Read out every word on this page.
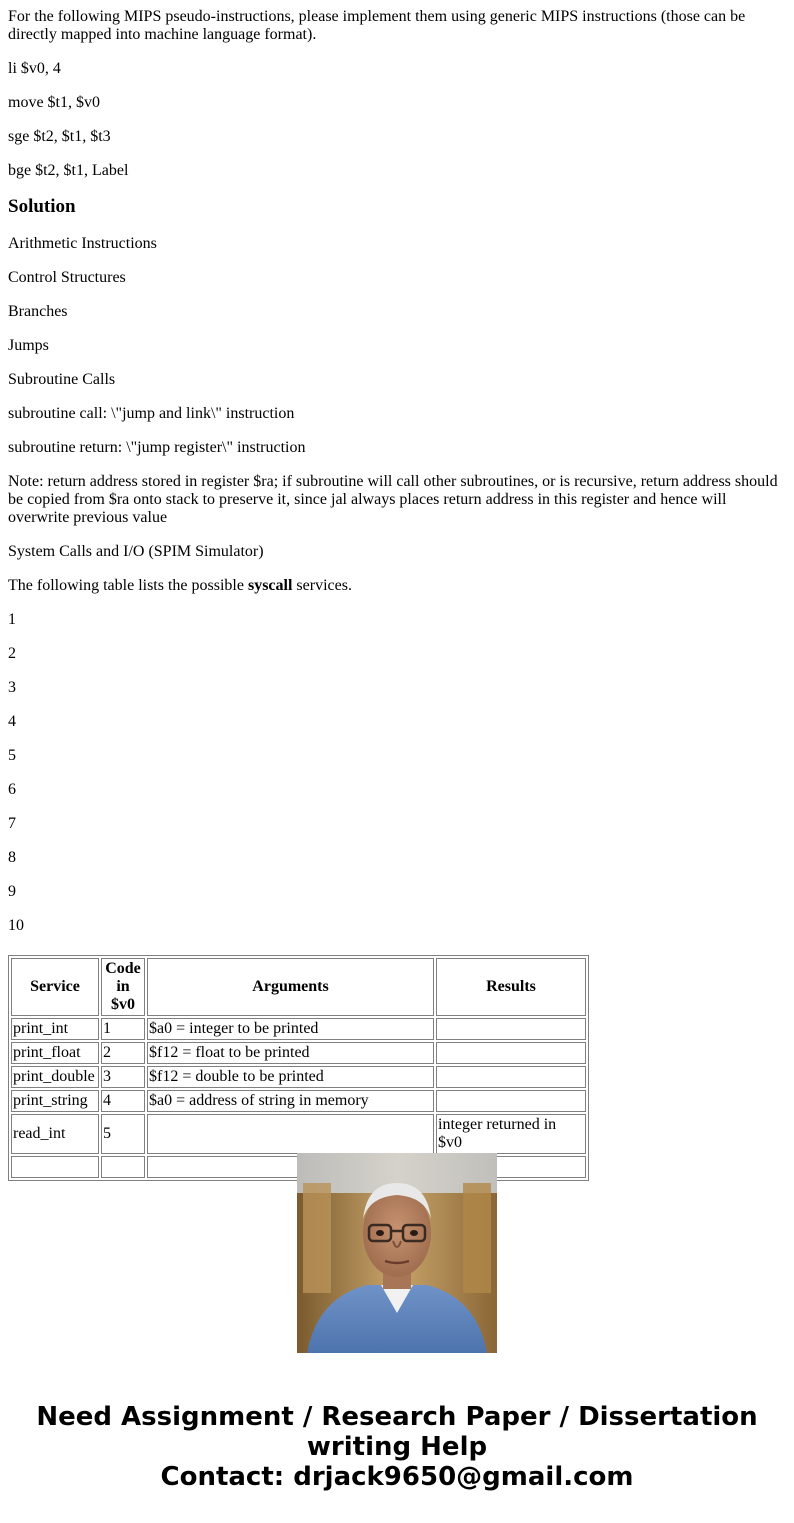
For the following MIPS pseudo-instructions, please implement them using generic MIPS instructions (those can be directly mapped into machine language format).

li $v0, 4

move $t1, $v0

sge $t2, $t1, $t3

bge $t2, $t1, Label

Solution

Arithmetic Instructions

Control Structures

Branches

Jumps

Subroutine Calls

subroutine call: \"jump and link\" instruction

subroutine return: \"jump register\" instruction

Note: return address stored in register $ra; if subroutine will call other subroutines, or is recursive, return address should be copied from $ra onto stack to preserve it, since jal always places return address in this register and hence will overwrite previous value

System Calls and I/O (SPIM Simulator)

The following table lists the possible syscall services.

1

2

3

4

5

6

7

8

9

10

Service	Code in $v0	Arguments	Results
print_int	1	$a0 = integer to be printed	
print_float	2	$f12 = float to be printed	
print_double	3	$f12 = double to be printed	
print_string	4	$a0 = address of string in memory	
read_int	5		integer returned in $v0

Need Assignment / Research Paper / Dissertation
writing Help
Contact: drjack9650@gmail.com
